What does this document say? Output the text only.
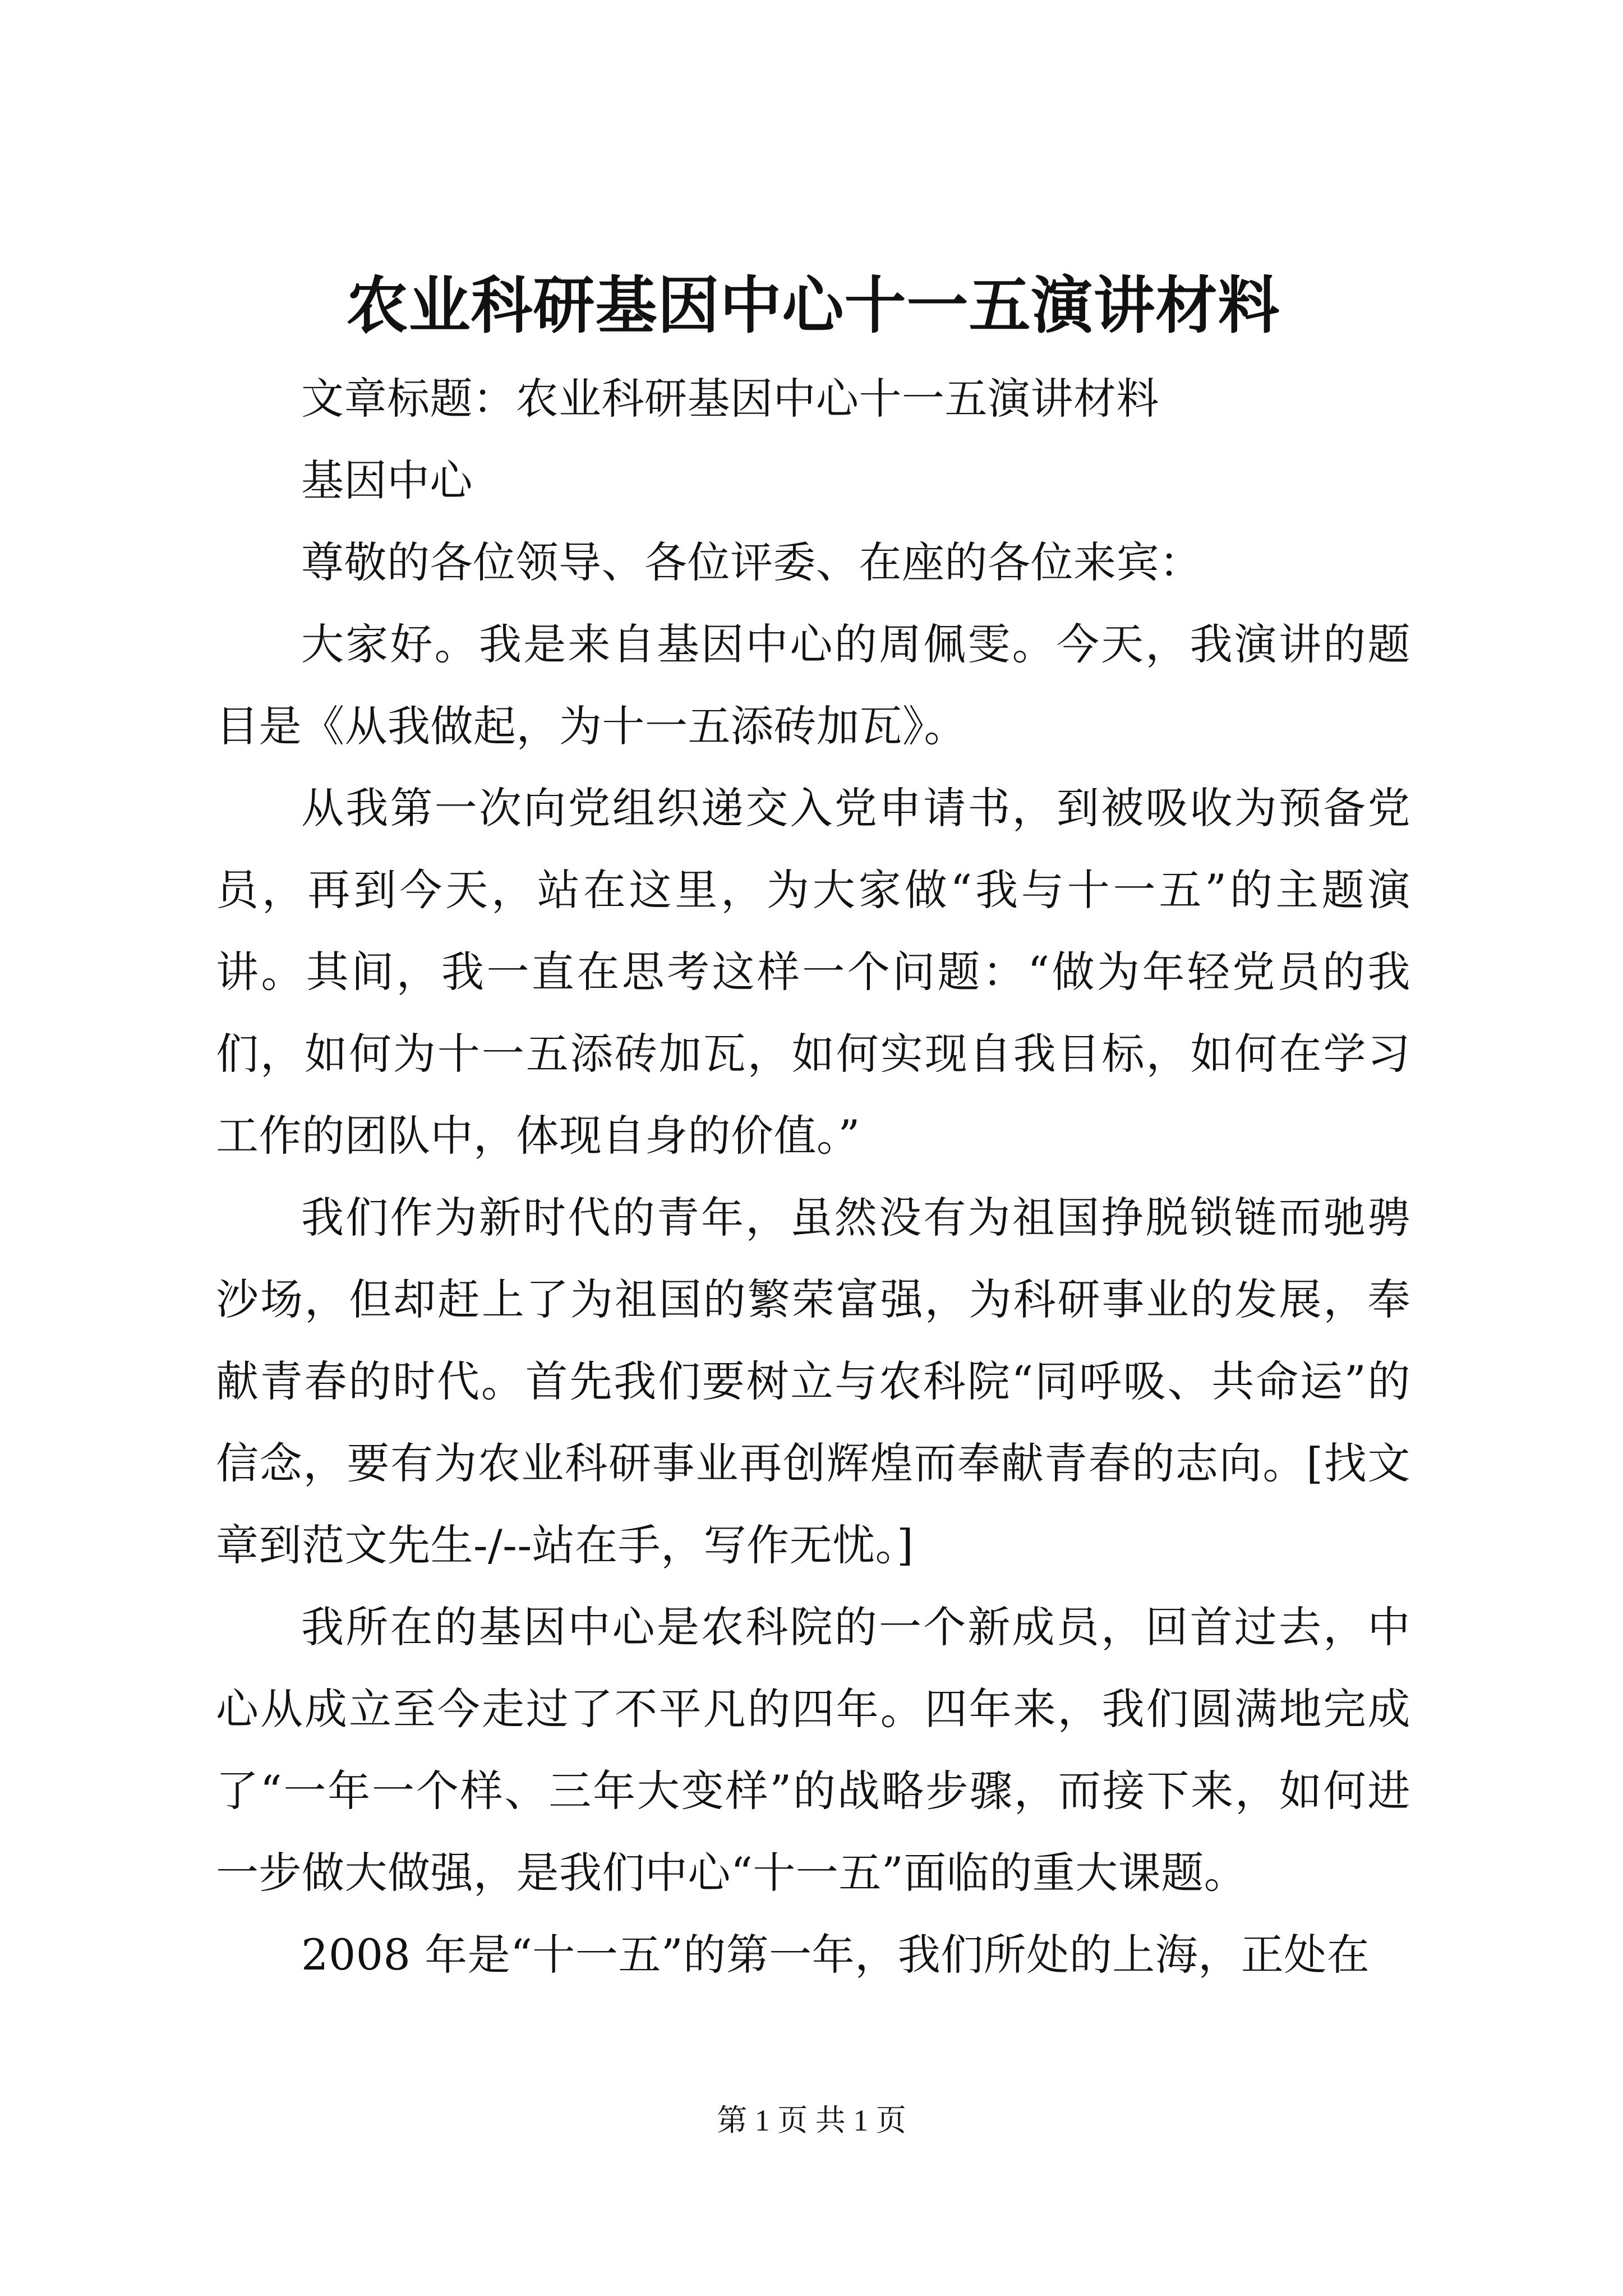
农业科研基因中心十一五演讲材料

文章标题：农业科研基因中心十一五演讲材料

基因中心

尊敬的各位领导、各位评委、在座的各位来宾：

大家好。我是来自基因中心的周佩雯。今天，我演讲的题目是《从我做起，为十一五添砖加瓦》。

从我第一次向党组织递交入党申请书，到被吸收为预备党员，再到今天，站在这里，为大家做“我与十一五”的主题演讲。其间，我一直在思考这样一个问题：“做为年轻党员的我们，如何为十一五添砖加瓦，如何实现自我目标，如何在学习工作的团队中，体现自身的价值。”

我们作为新时代的青年，虽然没有为祖国挣脱锁链而驰骋沙场，但却赶上了为祖国的繁荣富强，为科研事业的发展，奉献青春的时代。首先我们要树立与农科院“同呼吸、共命运”的信念，要有为农业科研事业再创辉煌而奉献青春的志向。[找文章到范文先生-/--站在手，写作无忧。]

我所在的基因中心是农科院的一个新成员，回首过去，中心从成立至今走过了不平凡的四年。四年来，我们圆满地完成了“一年一个样、三年大变样”的战略步骤，而接下来，如何进一步做大做强，是我们中心“十一五”面临的重大课题。

2008 年是“十一五”的第一年，我们所处的上海，正处在

第 1 页 共 1 页
